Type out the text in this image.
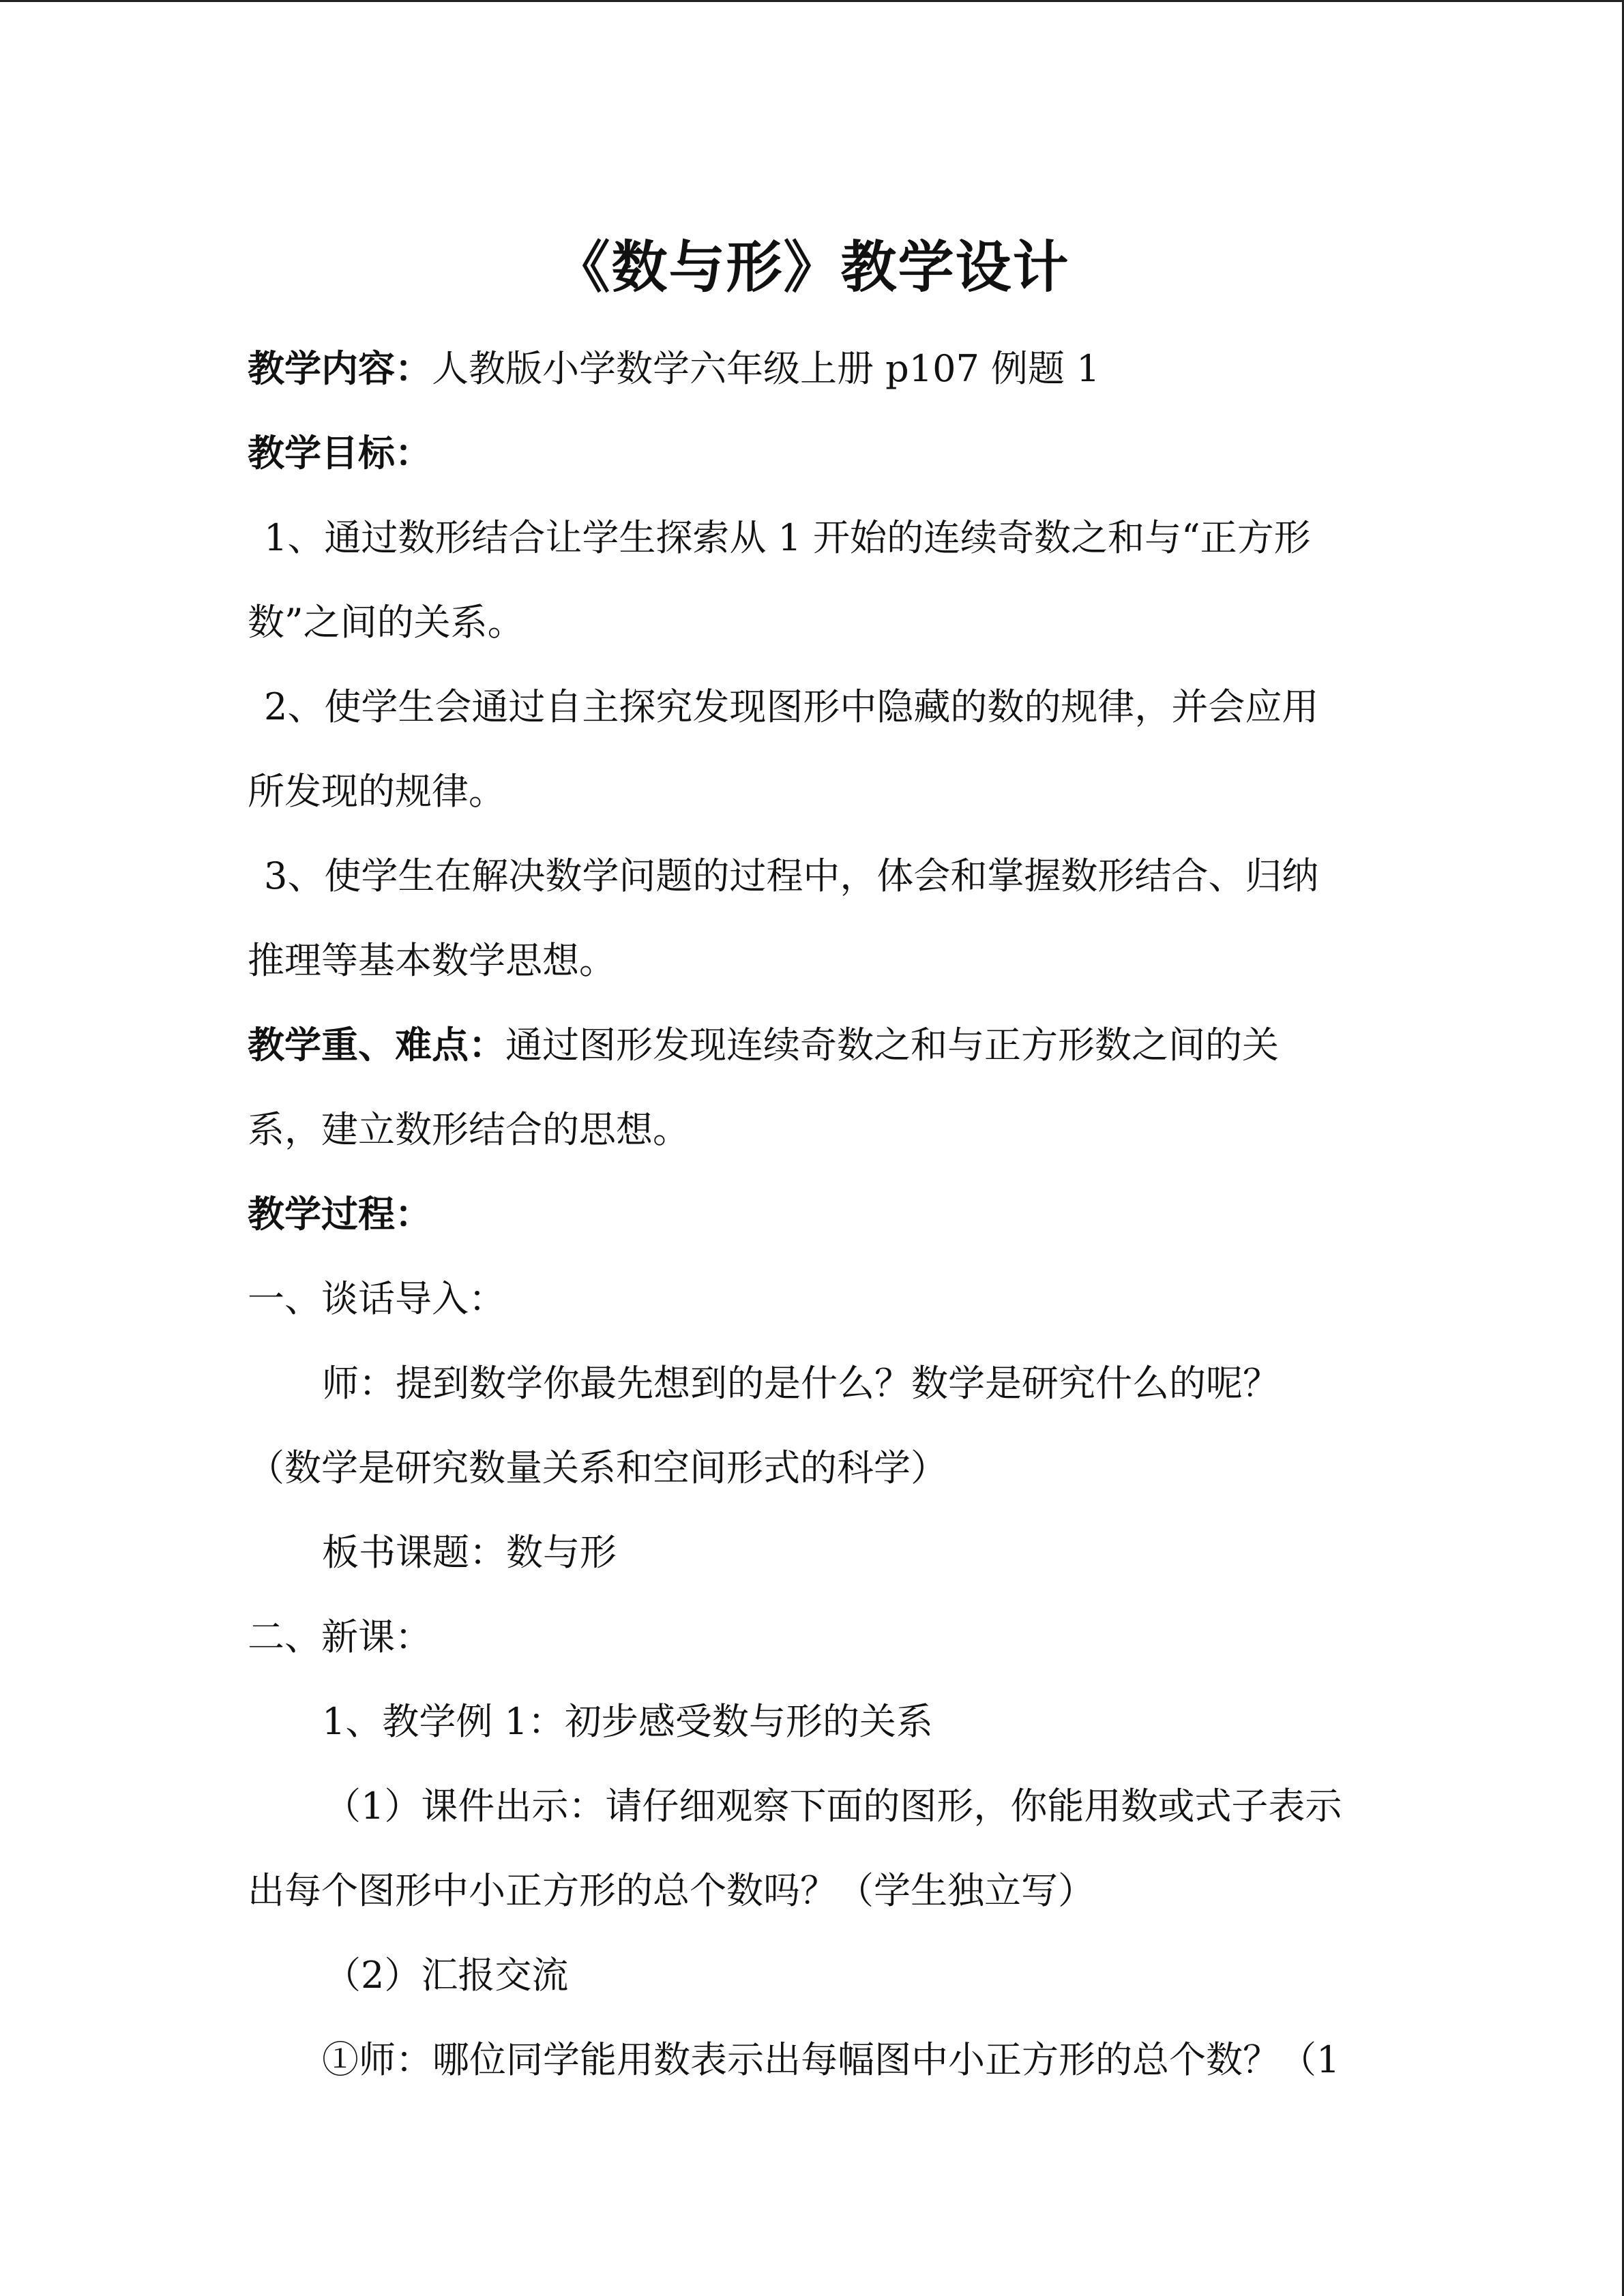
《数与形》教学设计
教学内容：人教版小学数学六年级上册 p107 例题 1
教学目标：
1、通过数形结合让学生探索从 1 开始的连续奇数之和与“正方形
数”之间的关系。
2、使学生会通过自主探究发现图形中隐藏的数的规律，并会应用
所发现的规律。
3、使学生在解决数学问题的过程中，体会和掌握数形结合、归纳
推理等基本数学思想。
教学重、难点：通过图形发现连续奇数之和与正方形数之间的关
系，建立数形结合的思想。
教学过程：
一、谈话导入：
师：提到数学你最先想到的是什么？数学是研究什么的呢？
（数学是研究数量关系和空间形式的科学）
板书课题：数与形
二、新课：
1、教学例 1：初步感受数与形的关系
（1）课件出示：请仔细观察下面的图形，你能用数或式子表示
出每个图形中小正方形的总个数吗？（学生独立写）
（2）汇报交流
①师：哪位同学能用数表示出每幅图中小正方形的总个数？（1
